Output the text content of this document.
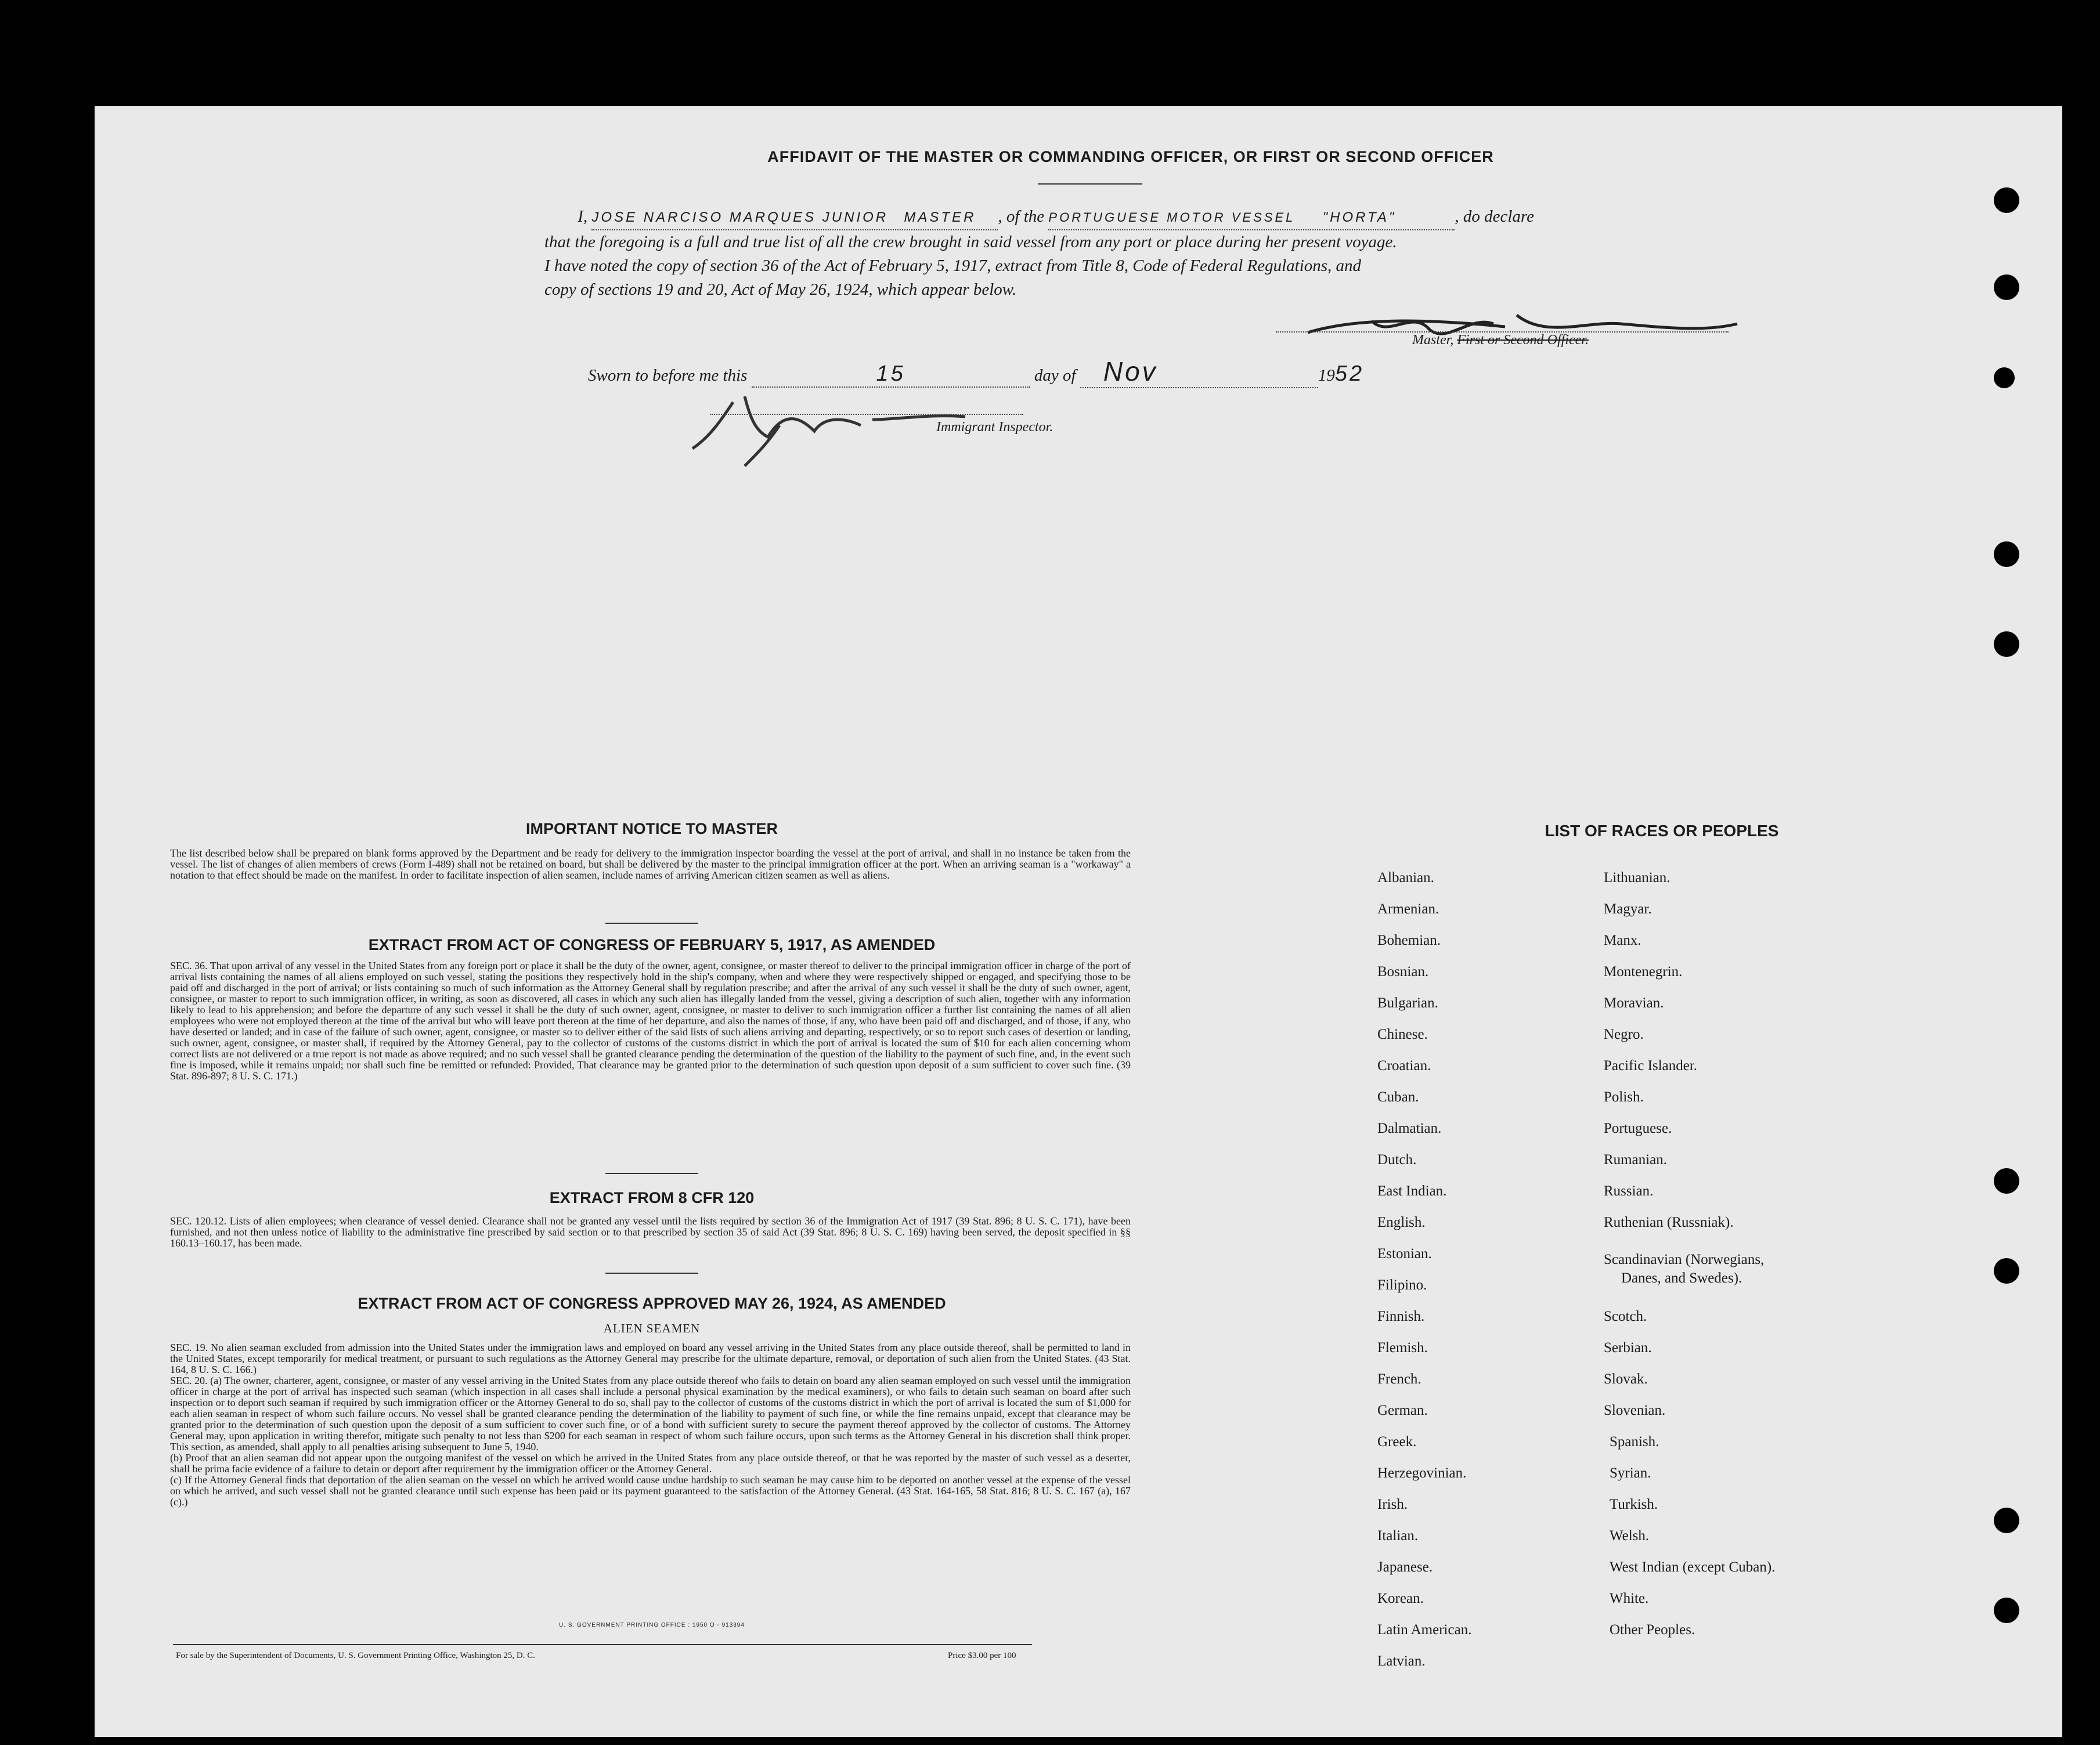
AFFIDAVIT OF THE MASTER OR COMMANDING OFFICER, OR FIRST OR SECOND OFFICER
I, JOSE NARCISO MARQUES JUNIOR MASTER , of the PORTUGUESE MOTOR VESSEL "HORTA"	, do declare
that the foregoing is a full and true list of all the crew brought in said vessel from any port or place during her present voyage.
I have noted the copy of section 36 of the Act of February 5, 1917, extract from Title 8, Code of Federal Regulations, and
copy of sections 19 and 20, Act of May 26, 1924, which appear below.
Master, First or Second Officer.
Sworn to before me this	15	day of Nov	1952
Immigrant Inspector.
IMPORTANT NOTICE TO MASTER
The list described below shall be prepared on blank forms approved by the Department and be ready for delivery to the immigration inspector boarding the vessel at the port of arrival, and shall in no instance be taken from the vessel. The list of changes of alien members of crews (Form I-489) shall not be retained on board, but shall be delivered by the master to the principal immigration officer at the port. When an arriving seaman is a "workaway" a notation to that effect should be made on the manifest. In order to facilitate inspection of alien seamen, include names of arriving American citizen seamen as well as aliens.
EXTRACT FROM ACT OF CONGRESS OF FEBRUARY 5, 1917, AS AMENDED
SEC. 36. That upon arrival of any vessel in the United States from any foreign port or place it shall be the duty of the owner, agent, consignee, or master thereof to deliver to the principal immigration officer in charge of the port of arrival lists containing the names of all aliens employed on such vessel, stating the positions they respectively hold in the ship's company, when and where they were respectively shipped or engaged, and specifying those to be paid off and discharged in the port of arrival; or lists containing so much of such information as the Attorney General shall by regulation prescribe; and after the arrival of any such vessel it shall be the duty of such owner, agent, consignee, or master to report to such immigration officer, in writing, as soon as discovered, all cases in which any such alien has illegally landed from the vessel, giving a description of such alien, together with any information likely to lead to his apprehension; and before the departure of any such vessel it shall be the duty of such owner, agent, consignee, or master to deliver to such immigration officer a further list containing the names of all alien employees who were not employed thereon at the time of the arrival but who will leave port thereon at the time of her departure, and also the names of those, if any, who have been paid off and discharged, and of those, if any, who have deserted or landed; and in case of the failure of such owner, agent, consignee, or master so to deliver either of the said lists of such aliens arriving and departing, respectively, or so to report such cases of desertion or landing, such owner, agent, consignee, or master shall, if required by the Attorney General, pay to the collector of customs of the customs district in which the port of arrival is located the sum of $10 for each alien concerning whom correct lists are not delivered or a true report is not made as above required; and no such vessel shall be granted clearance pending the determination of the question of the liability to the payment of such fine, and, in the event such fine is imposed, while it remains unpaid; nor shall such fine be remitted or refunded: Provided, That clearance may be granted prior to the determination of such question upon deposit of a sum sufficient to cover such fine. (39 Stat. 896-897; 8 U. S. C. 171.)
EXTRACT FROM 8 CFR 120
SEC. 120.12. Lists of alien employees; when clearance of vessel denied. Clearance shall not be granted any vessel until the lists required by section 36 of the Immigration Act of 1917 (39 Stat. 896; 8 U. S. C. 171), have been furnished, and not then unless notice of liability to the administrative fine prescribed by said section or to that prescribed by section 35 of said Act (39 Stat. 896; 8 U. S. C. 169) having been served, the deposit specified in §§ 160.13–160.17, has been made.
EXTRACT FROM ACT OF CONGRESS APPROVED MAY 26, 1924, AS AMENDED
ALIEN SEAMEN
SEC. 19. No alien seaman excluded from admission into the United States under the immigration laws and employed on board any vessel arriving in the United States from any place outside thereof, shall be permitted to land in the United States, except temporarily for medical treatment, or pursuant to such regulations as the Attorney General may prescribe for the ultimate departure, removal, or deportation of such alien from the United States. (43 Stat. 164, 8 U. S. C. 166.)
SEC. 20. (a) The owner, charterer, agent, consignee, or master of any vessel arriving in the United States from any place outside thereof who fails to detain on board any alien seaman employed on such vessel until the immigration officer in charge at the port of arrival has inspected such seaman (which inspection in all cases shall include a personal physical examination by the medical examiners), or who fails to detain such seaman on board after such inspection or to deport such seaman if required by such immigration officer or the Attorney General to do so, shall pay to the collector of customs of the customs district in which the port of arrival is located the sum of $1,000 for each alien seaman in respect of whom such failure occurs. No vessel shall be granted clearance pending the determination of the liability to payment of such fine, or while the fine remains unpaid, except that clearance may be granted prior to the determination of such question upon the deposit of a sum sufficient to cover such fine, or of a bond with sufficient surety to secure the payment thereof approved by the collector of customs. The Attorney General may, upon application in writing therefor, mitigate such penalty to not less than $200 for each seaman in respect of whom such failure occurs, upon such terms as the Attorney General in his discretion shall think proper. This section, as amended, shall apply to all penalties arising subsequent to June 5, 1940.
(b) Proof that an alien seaman did not appear upon the outgoing manifest of the vessel on which he arrived in the United States from any place outside thereof, or that he was reported by the master of such vessel as a deserter, shall be prima facie evidence of a failure to detain or deport after requirement by the immigration officer or the Attorney General.
(c) If the Attorney General finds that deportation of the alien seaman on the vessel on which he arrived would cause undue hardship to such seaman he may cause him to be deported on another vessel at the expense of the vessel on which he arrived, and such vessel shall not be granted clearance until such expense has been paid or its payment guaranteed to the satisfaction of the Attorney General. (43 Stat. 164-165, 58 Stat. 816; 8 U. S. C. 167 (a), 167 (c).)
U. S. GOVERNMENT PRINTING OFFICE : 1950 O - 913394
For sale by the Superintendent of Documents, U. S. Government Printing Office, Washington 25, D. C.	Price $3.00 per 100
LIST OF RACES OR PEOPLES
Albanian.
Armenian.
Bohemian.
Bosnian.
Bulgarian.
Chinese.
Croatian.
Cuban.
Dalmatian.
Dutch.
East Indian.
English.
Estonian.
Filipino.
Finnish.
Flemish.
French.
German.
Greek.
Herzegovinian.
Irish.
Italian.
Japanese.
Korean.
Latin American.
Latvian.
Lithuanian.
Magyar.
Manx.
Montenegrin.
Moravian.
Negro.
Pacific Islander.
Polish.
Portuguese.
Rumanian.
Russian.
Ruthenian (Russniak).
Scandinavian (Norwegians,
Danes, and Swedes).
Scotch.
Serbian.
Slovak.
Slovenian.
Spanish.
Syrian.
Turkish.
Welsh.
West Indian (except Cuban).
White.
Other Peoples.
